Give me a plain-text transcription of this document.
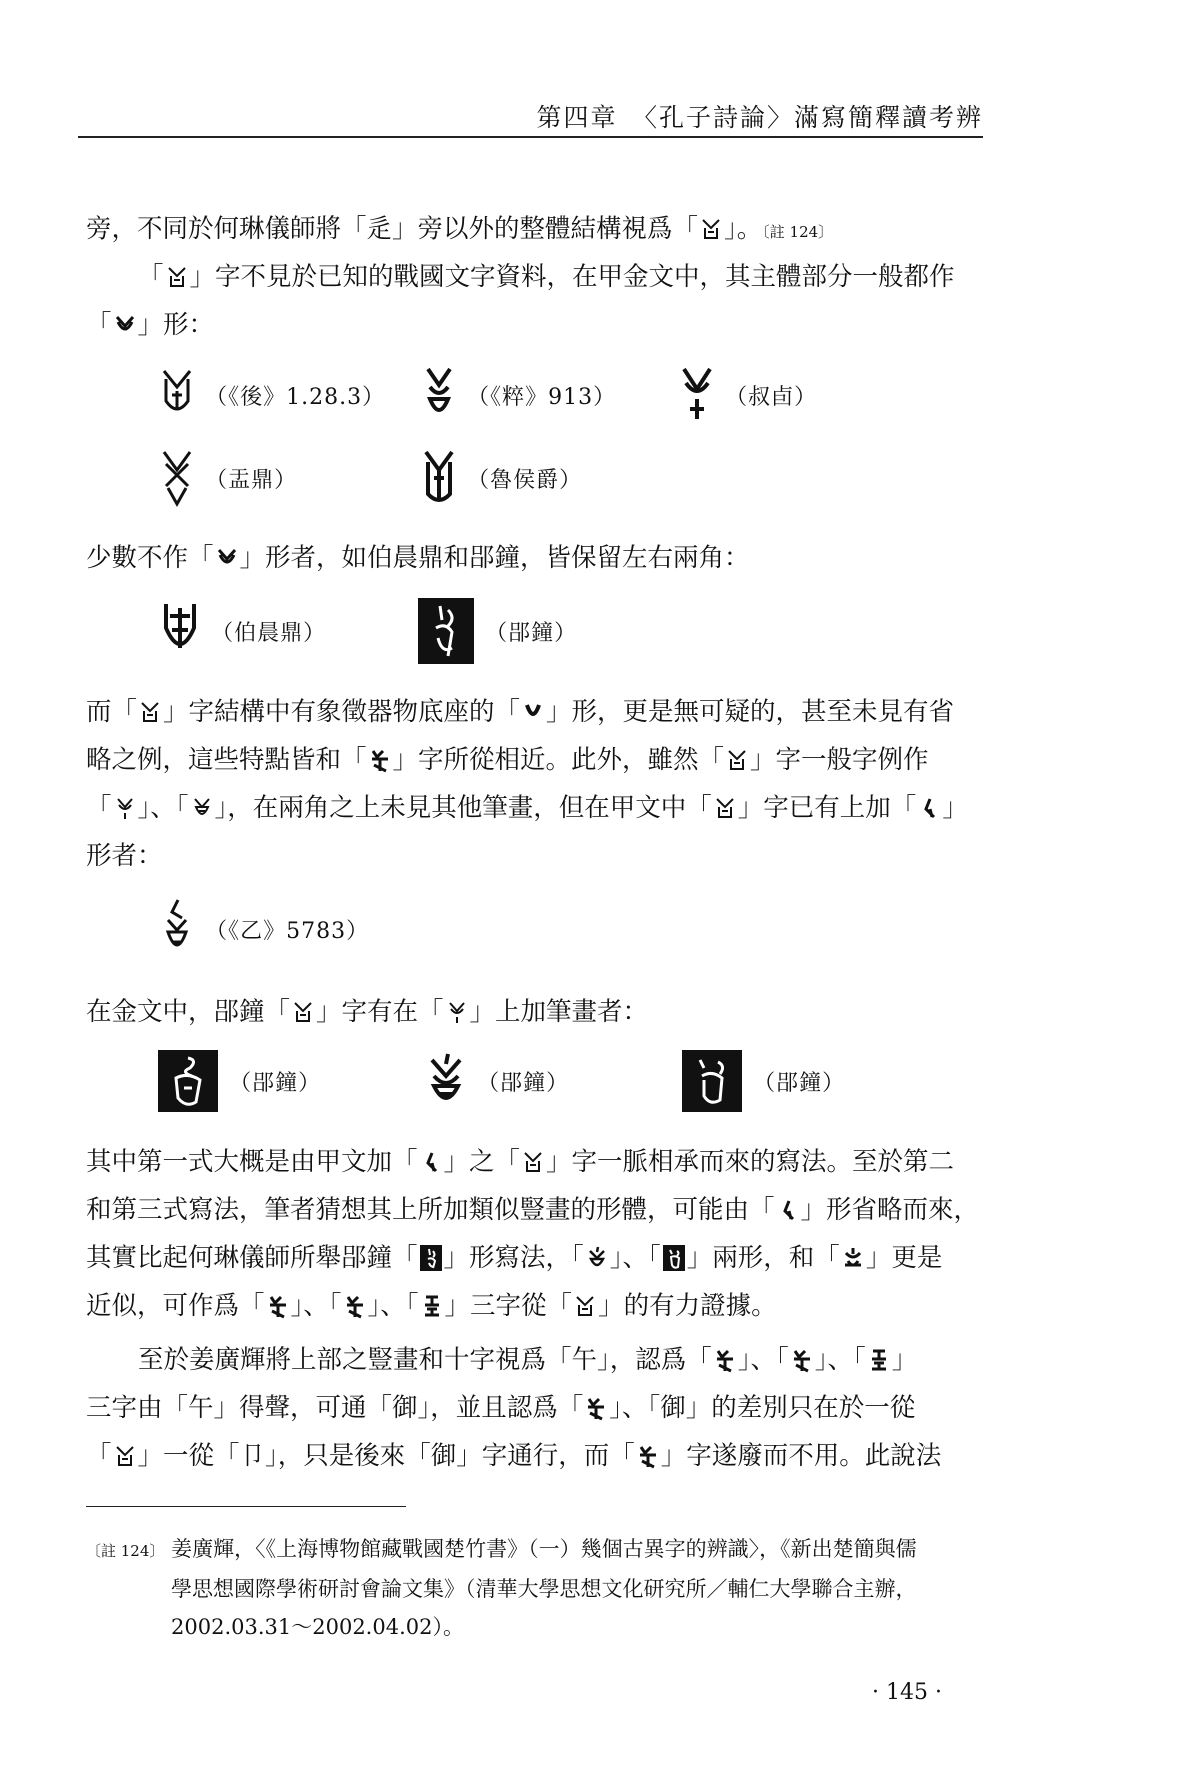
第四章　〈孔子詩論〉滿寫簡釋讀考辨
旁，不同於何琳儀師將「辵」旁以外的整體結構視爲「 」。〔註 124〕
「 」字不見於已知的戰國文字資料，在甲金文中，其主體部分一般都作
「 」形：
（《後》1.28.3）	（《粹》913）	（叔卣）
（盂鼎）	（魯侯爵）
少數不作「 」形者，如伯晨鼎和郘鐘，皆保留左右兩角：
（伯晨鼎）	（郘鐘）
而「 」字結構中有象徵器物底座的「 」形，更是無可疑的，甚至未見有省
略之例，這些特點皆和「 」字所從相近。此外，雖然「 」字一般字例作
「 」、「 」，在兩角之上未見其他筆畫，但在甲文中「 」字已有上加「 」
形者：
（《乙》5783）
在金文中，郘鐘「 」字有在「 」上加筆畫者：
（郘鐘）	（郘鐘）	（郘鐘）
其中第一式大概是由甲文加「 」之「 」字一脈相承而來的寫法。至於第二
和第三式寫法，筆者猜想其上所加類似豎畫的形體，可能由「 」形省略而來，
其實比起何琳儀師所舉郘鐘「 」形寫法，「 」、「 」兩形，和「 」更是
近似，可作爲「 」、「 」、「 」三字從「 」的有力證據。
至於姜廣輝將上部之豎畫和十字視爲「午」，認爲「 」、「 」、「 」
三字由「午」得聲，可通「御」，並且認爲「 」、「御」的差別只在於一從
「 」一從「卩」，只是後來「御」字通行，而「 」字遂廢而不用。此說法
〔註 124〕 姜廣輝，〈《上海博物館藏戰國楚竹書》（一）幾個古異字的辨識〉，《新出楚簡與儒
學思想國際學術研討會論文集》（清華大學思想文化研究所／輔仁大學聯合主辦，
2002.03.31～2002.04.02）。
· 145 ·
